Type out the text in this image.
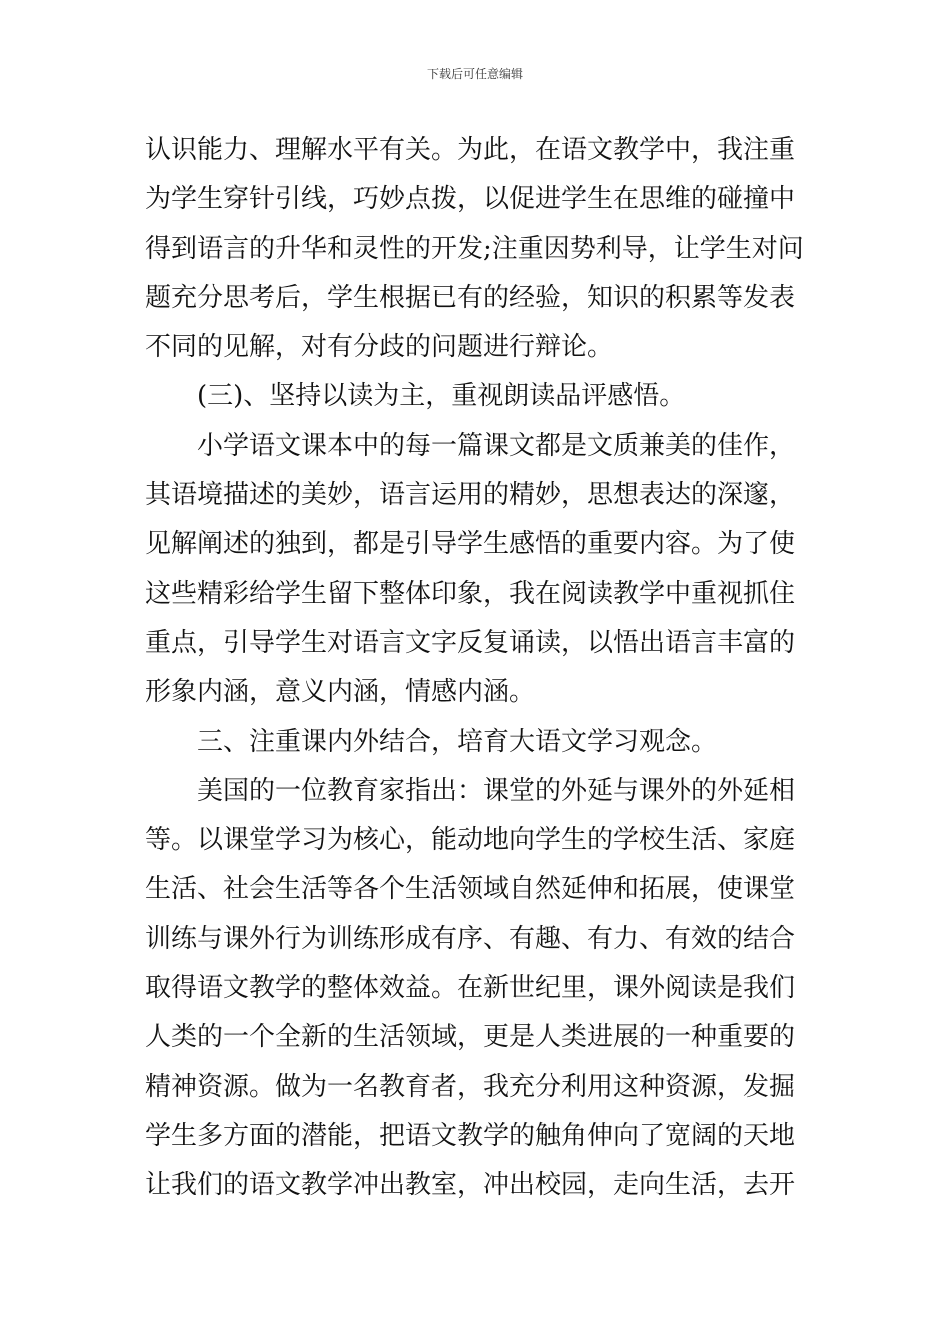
下载后可任意编辑
认识能力、理解水平有关。为此，在语文教学中，我注重
为学生穿针引线，巧妙点拨，以促进学生在思维的碰撞中
得到语言的升华和灵性的开发;注重因势利导，让学生对问
题充分思考后，学生根据已有的经验，知识的积累等发表
不同的见解，对有分歧的问题进行辩论。
(三)、坚持以读为主，重视朗读品评感悟。
小学语文课本中的每一篇课文都是文质兼美的佳作，
其语境描述的美妙，语言运用的精妙，思想表达的深邃，
见解阐述的独到，都是引导学生感悟的重要内容。为了使
这些精彩给学生留下整体印象，我在阅读教学中重视抓住
重点，引导学生对语言文字反复诵读，以悟出语言丰富的
形象内涵，意义内涵，情感内涵。
三、注重课内外结合，培育大语文学习观念。
美国的一位教育家指出：课堂的外延与课外的外延相
等。以课堂学习为核心，能动地向学生的学校生活、家庭
生活、社会生活等各个生活领域自然延伸和拓展，使课堂
训练与课外行为训练形成有序、有趣、有力、有效的结合
取得语文教学的整体效益。在新世纪里，课外阅读是我们
人类的一个全新的生活领域，更是人类进展的一种重要的
精神资源。做为一名教育者，我充分利用这种资源，发掘
学生多方面的潜能，把语文教学的触角伸向了宽阔的天地
让我们的语文教学冲出教室，冲出校园，走向生活，去开
